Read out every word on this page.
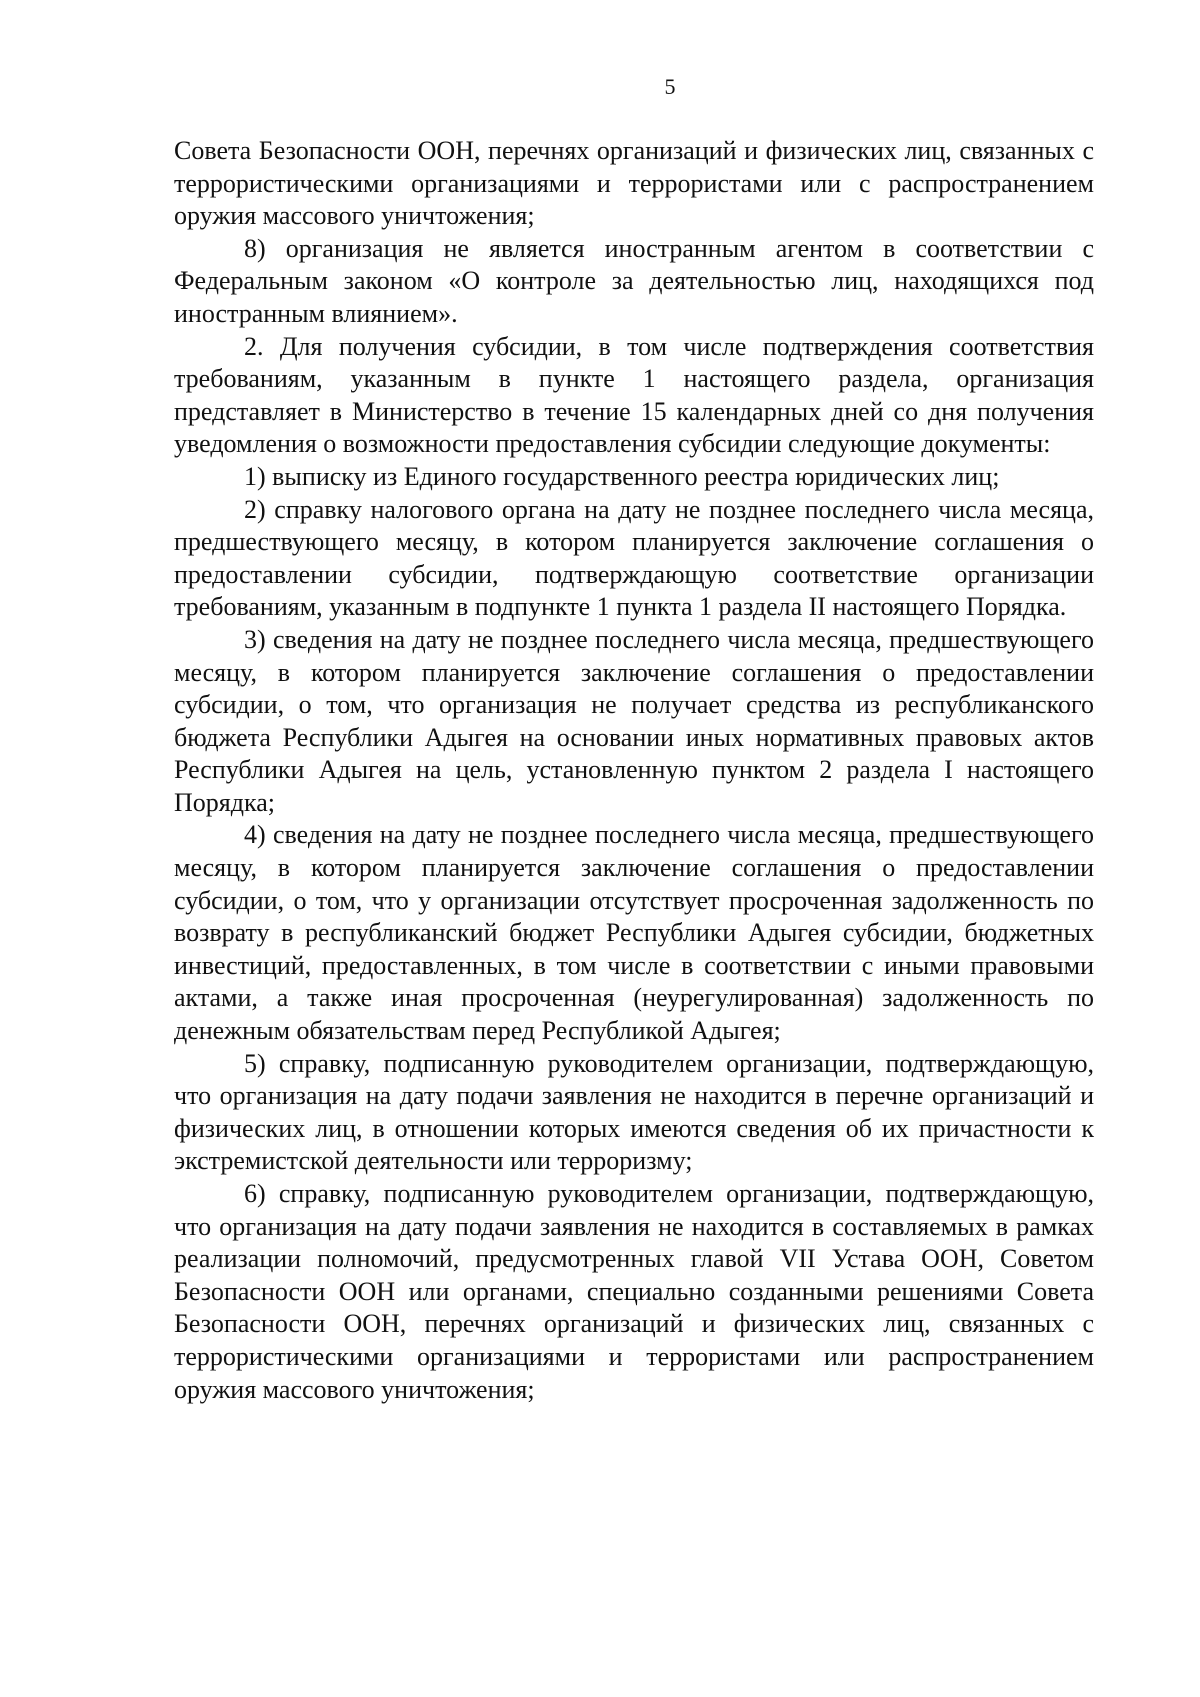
5

Совета Безопасности ООН, перечнях организаций и физических лиц, связанных с террористическими организациями и террористами или с распространением оружия массового уничтожения;

8) организация не является иностранным агентом в соответствии с Федеральным законом «О контроле за деятельностью лиц, находящихся под иностранным влиянием».

2. Для получения субсидии, в том числе подтверждения соответствия требованиям, указанным в пункте 1 настоящего раздела, организация представляет в Министерство в течение 15 календарных дней со дня получения уведомления о возможности предоставления субсидии следующие документы:

1) выписку из Единого государственного реестра юридических лиц;

2) справку налогового органа на дату не позднее последнего числа месяца, предшествующего месяцу, в котором планируется заключение соглашения о предоставлении субсидии, подтверждающую соответствие организации требованиям, указанным в подпункте 1 пункта 1 раздела II настоящего Порядка.

3) сведения на дату не позднее последнего числа месяца, предшествующего месяцу, в котором планируется заключение соглашения о предоставлении субсидии, о том, что организация не получает средства из республиканского бюджета Республики Адыгея на основании иных нормативных правовых актов Республики Адыгея на цель, установленную пунктом 2 раздела I настоящего Порядка;

4) сведения на дату не позднее последнего числа месяца, предшествующего месяцу, в котором планируется заключение соглашения о предоставлении субсидии, о том, что у организации отсутствует просроченная задолженность по возврату в республиканский бюджет Республики Адыгея субсидии, бюджетных инвестиций, предоставленных, в том числе в соответствии с иными правовыми актами, а также иная просроченная (неурегулированная) задолженность по денежным обязательствам перед Республикой Адыгея;

5) справку, подписанную руководителем организации, подтверждающую, что организация на дату подачи заявления не находится в перечне организаций и физических лиц, в отношении которых имеются сведения об их причастности к экстремистской деятельности или терроризму;

6) справку, подписанную руководителем организации, подтверждающую, что организация на дату подачи заявления не находится в составляемых в рамках реализации полномочий, предусмотренных главой VII Устава ООН, Советом Безопасности ООН или органами, специально созданными решениями Совета Безопасности ООН, перечнях организаций и физических лиц, связанных с террористическими организациями и террористами или распространением оружия массового уничтожения;
